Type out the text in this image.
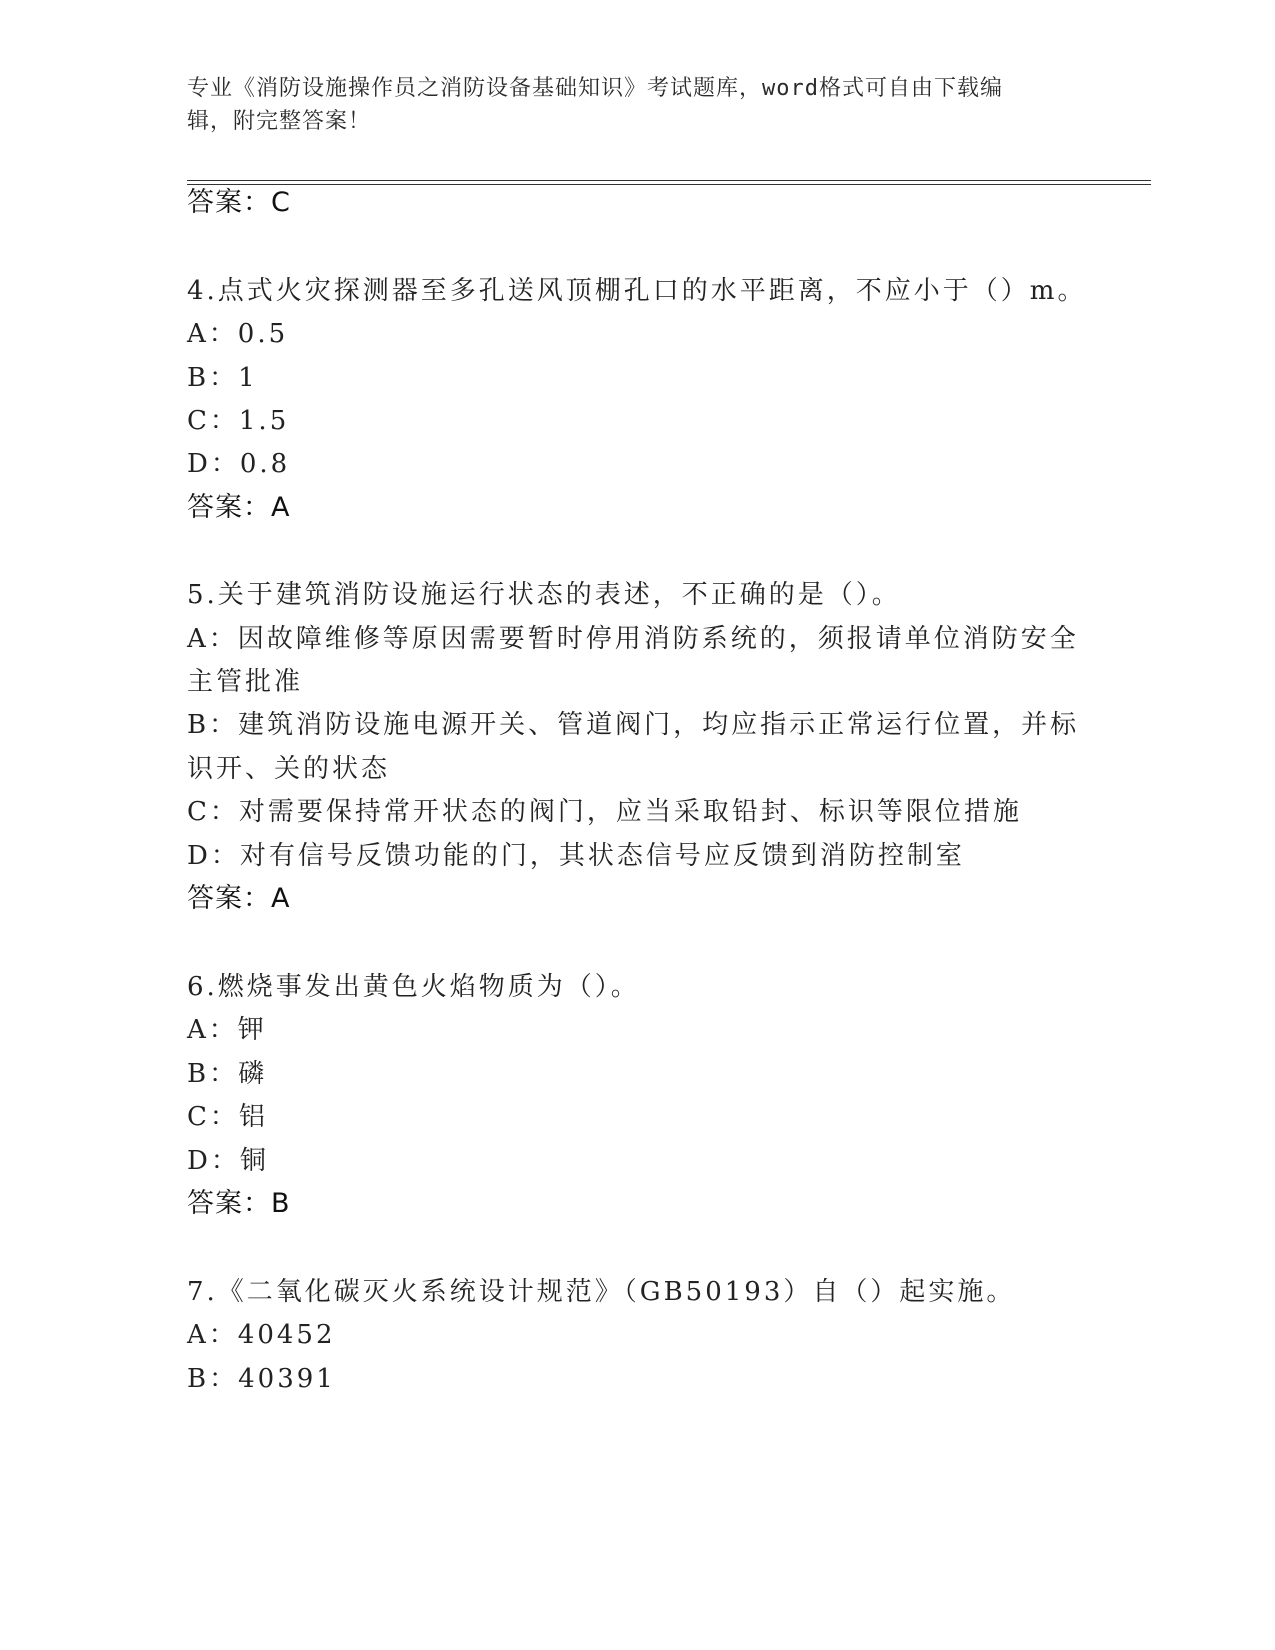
专业《消防设施操作员之消防设备基础知识》考试题库，word格式可自由下载编
辑，附完整答案！
答案：C
4.点式火灾探测器至多孔送风顶棚孔口的水平距离，不应小于（）m。
A：0.5
B：1
C：1.5
D：0.8
答案：A
5.关于建筑消防设施运行状态的表述，不正确的是（）。
A：因故障维修等原因需要暂时停用消防系统的，须报请单位消防安全
主管批准
B：建筑消防设施电源开关、管道阀门，均应指示正常运行位置，并标
识开、关的状态
C：对需要保持常开状态的阀门，应当采取铅封、标识等限位措施
D：对有信号反馈功能的门，其状态信号应反馈到消防控制室
答案：A
6.燃烧事发出黄色火焰物质为（）。
A：钾
B：磷
C：铝
D：铜
答案：B
7.《二氧化碳灭火系统设计规范》（GB50193）自（）起实施。
A：40452
B：40391
